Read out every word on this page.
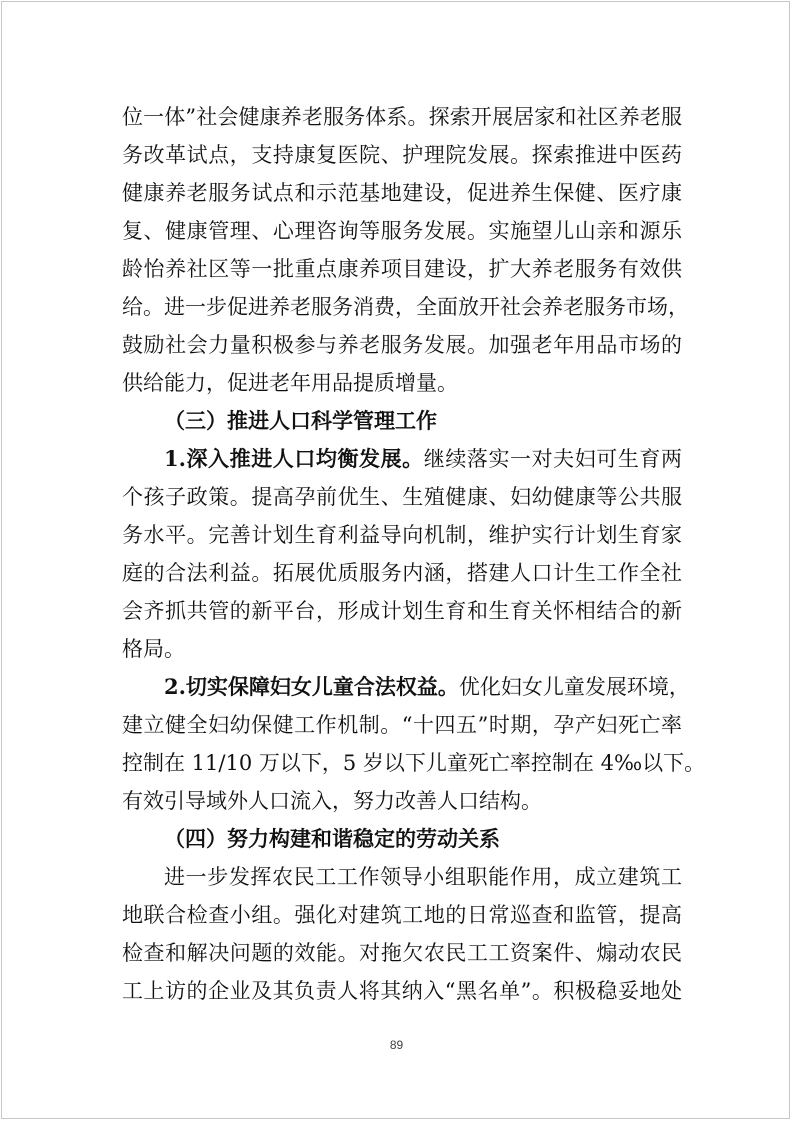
位一体”社会健康养老服务体系。探索开展居家和社区养老服
务改革试点，支持康复医院、护理院发展。探索推进中医药
健康养老服务试点和示范基地建设，促进养生保健、医疗康
复、健康管理、心理咨询等服务发展。实施望儿山亲和源乐
龄怡养社区等一批重点康养项目建设，扩大养老服务有效供
给。进一步促进养老服务消费，全面放开社会养老服务市场，
鼓励社会力量积极参与养老服务发展。加强老年用品市场的
供给能力，促进老年用品提质增量。
（三）推进人口科学管理工作
1.深入推进人口均衡发展。继续落实一对夫妇可生育两
个孩子政策。提高孕前优生、生殖健康、妇幼健康等公共服
务水平。完善计划生育利益导向机制，维护实行计划生育家
庭的合法利益。拓展优质服务内涵，搭建人口计生工作全社
会齐抓共管的新平台，形成计划生育和生育关怀相结合的新
格局。
2.切实保障妇女儿童合法权益。优化妇女儿童发展环境，
建立健全妇幼保健工作机制。“十四五”时期，孕产妇死亡率
控制在 11/10 万以下，5 岁以下儿童死亡率控制在 4‰以下。
有效引导域外人口流入，努力改善人口结构。
（四）努力构建和谐稳定的劳动关系
进一步发挥农民工工作领导小组职能作用，成立建筑工
地联合检查小组。强化对建筑工地的日常巡查和监管，提高
检查和解决问题的效能。对拖欠农民工工资案件、煽动农民
工上访的企业及其负责人将其纳入“黑名单”。积极稳妥地处
89
